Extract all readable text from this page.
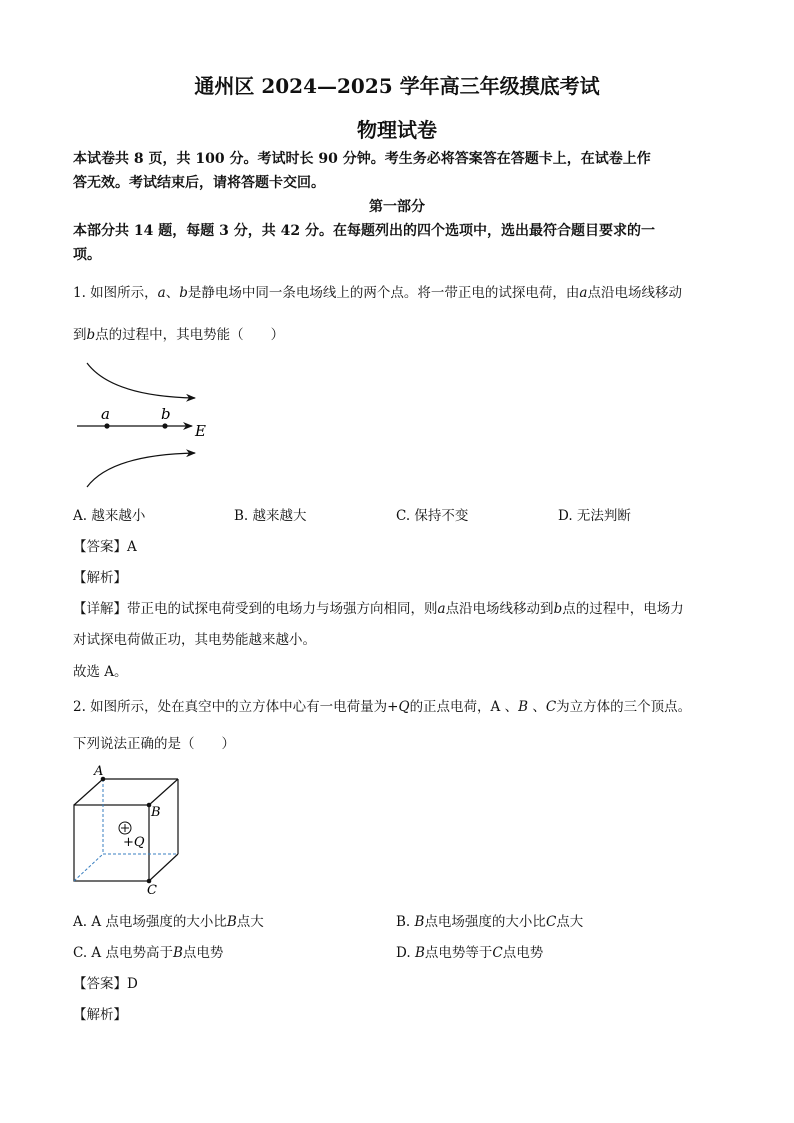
通州区 2024—2025 学年高三年级摸底考试
物理试卷
本试卷共 8 页，共 100 分。考试时长 90 分钟。考生务必将答案答在答题卡上，在试卷上作
答无效。考试结束后，请将答题卡交回。
第一部分
本部分共 14 题，每题 3 分，共 42 分。在每题列出的四个选项中，选出最符合题目要求的一
项。
1. 如图所示，a、b是静电场中同一条电场线上的两个点。将一带正电的试探电荷，由a点沿电场线移动
到b点的过程中，其电势能（　　）
a	b
E
A. 越来越小	B. 越来越大	C. 保持不变	D. 无法判断
【答案】A
【解析】
【详解】带正电的试探电荷受到的电场力与场强方向相同，则a点沿电场线移动到b点的过程中，电场力
对试探电荷做正功，其电势能越来越小。
故选 A。
2. 如图所示，处在真空中的立方体中心有一电荷量为+Q的正点电荷，A 、B 、C为立方体的三个顶点。
下列说法正确的是（　　）
A
B
C
+Q
A. A 点电场强度的大小比B点大	B. B点电场强度的大小比C点大
C. A 点电势高于B点电势	D. B点电势等于C点电势
【答案】D
【解析】
